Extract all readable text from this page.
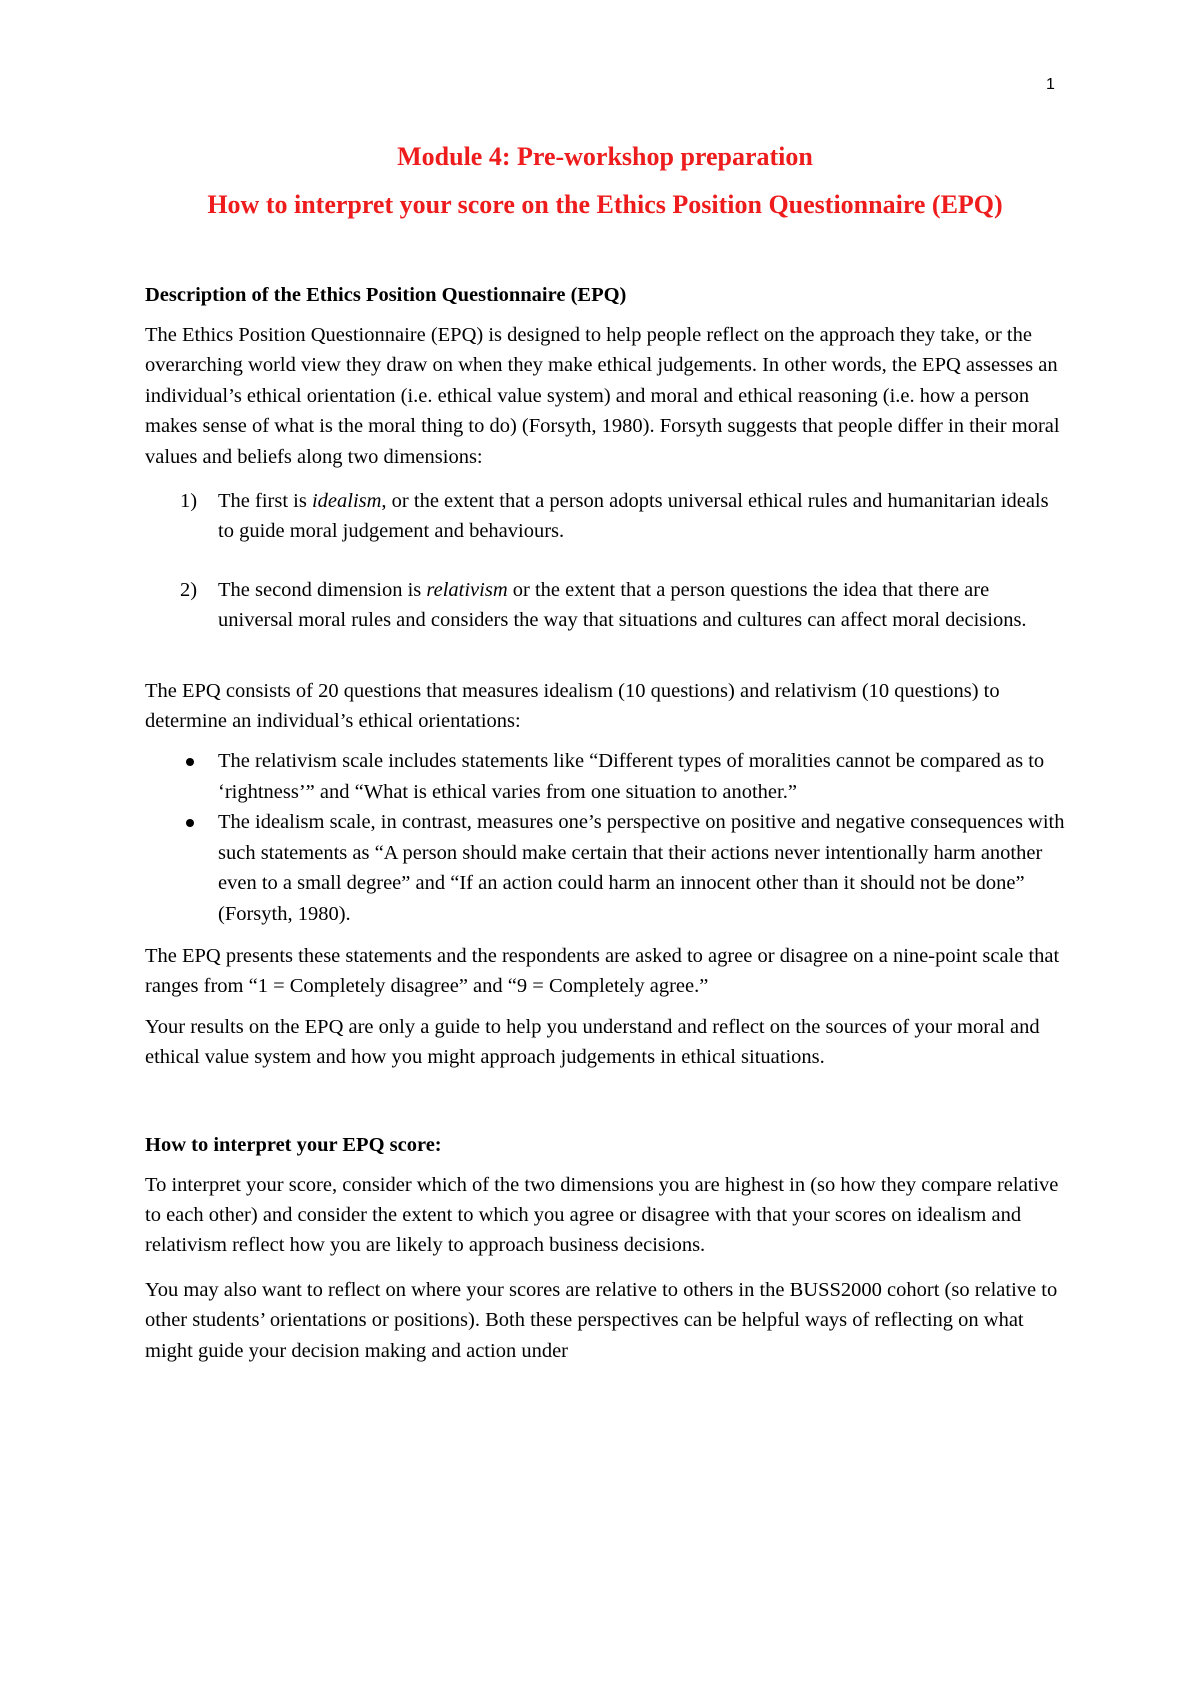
1
Module 4: Pre-workshop preparation
How to interpret your score on the Ethics Position Questionnaire (EPQ)
Description of the Ethics Position Questionnaire (EPQ)
The Ethics Position Questionnaire (EPQ) is designed to help people reflect on the approach they take, or the overarching world view they draw on when they make ethical judgements. In other words, the EPQ assesses an individual’s ethical orientation (i.e. ethical value system) and moral and ethical reasoning (i.e. how a person makes sense of what is the moral thing to do) (Forsyth, 1980). Forsyth suggests that people differ in their moral values and beliefs along two dimensions:
1) The first is idealism, or the extent that a person adopts universal ethical rules and humanitarian ideals to guide moral judgement and behaviours.
2) The second dimension is relativism or the extent that a person questions the idea that there are universal moral rules and considers the way that situations and cultures can affect moral decisions.
The EPQ consists of 20 questions that measures idealism (10 questions) and relativism (10 questions) to determine an individual’s ethical orientations:
The relativism scale includes statements like “Different types of moralities cannot be compared as to ‘rightness’” and “What is ethical varies from one situation to another.”
The idealism scale, in contrast, measures one’s perspective on positive and negative consequences with such statements as “A person should make certain that their actions never intentionally harm another even to a small degree” and “If an action could harm an innocent other than it should not be done” (Forsyth, 1980).
The EPQ presents these statements and the respondents are asked to agree or disagree on a nine-point scale that ranges from “1 = Completely disagree” and “9 = Completely agree.”
Your results on the EPQ are only a guide to help you understand and reflect on the sources of your moral and ethical value system and how you might approach judgements in ethical situations.
How to interpret your EPQ score:
To interpret your score, consider which of the two dimensions you are highest in (so how they compare relative to each other) and consider the extent to which you agree or disagree with that your scores on idealism and relativism reflect how you are likely to approach business decisions.
You may also want to reflect on where your scores are relative to others in the BUSS2000 cohort (so relative to other students’ orientations or positions). Both these perspectives can be helpful ways of reflecting on what might guide your decision making and action under
